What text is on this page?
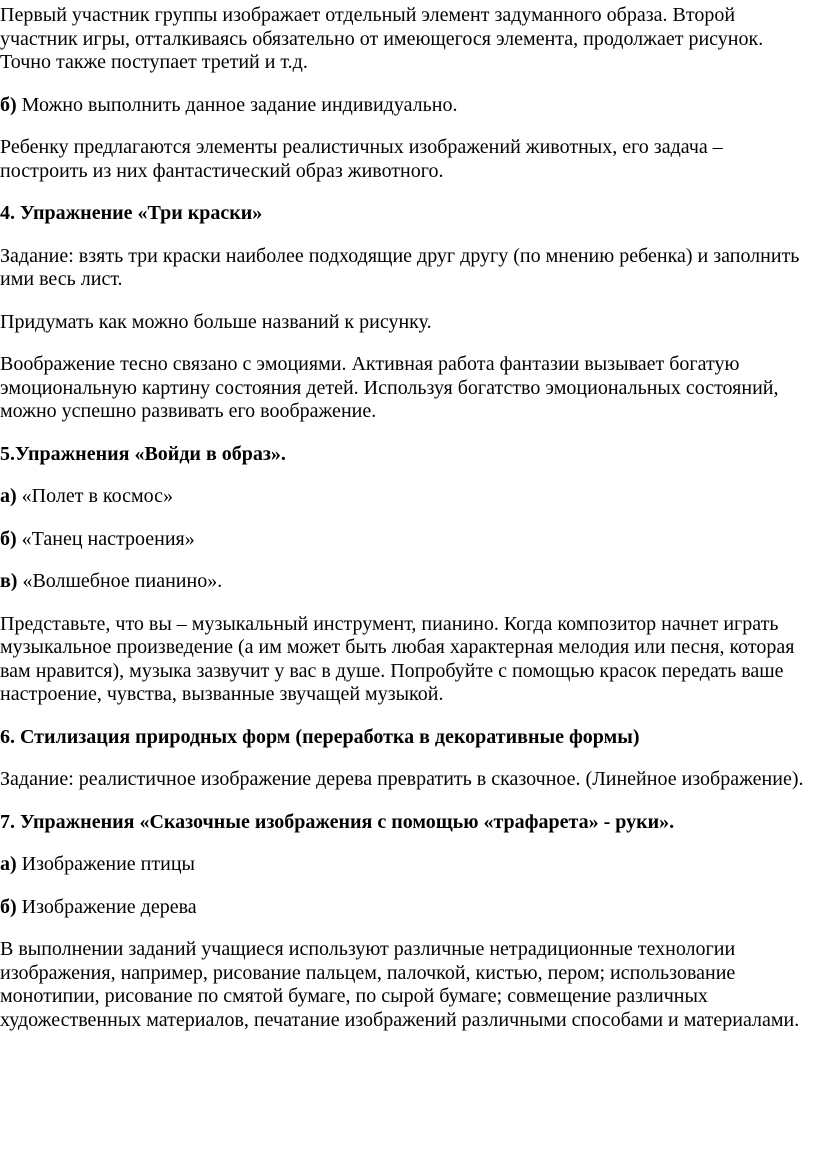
Первый участник группы изображает отдельный элемент задуманного образа. Второй участник игры, отталкиваясь обязательно от имеющегося элемента, продолжает рисунок. Точно также поступает третий и т.д.

б) Можно выполнить данное задание индивидуально.

Ребенку предлагаются элементы реалистичных изображений животных, его задача – построить из них фантастический образ животного.

4. Упражнение «Три краски»

Задание: взять три краски наиболее подходящие друг другу (по мнению ребенка) и заполнить ими весь лист.

Придумать как можно больше названий к рисунку.

Воображение тесно связано с эмоциями. Активная работа фантазии вызывает богатую эмоциональную картину состояния детей. Используя богатство эмоциональных состояний, можно успешно развивать его воображение.

5.Упражнения «Войди в образ».

а) «Полет в космос»

б) «Танец настроения»

в) «Волшебное пианино».

Представьте, что вы – музыкальный инструмент, пианино. Когда композитор начнет играть музыкальное произведение (а им может быть любая характерная мелодия или песня, которая вам нравится), музыка зазвучит у вас в душе. Попробуйте с помощью красок передать ваше настроение, чувства, вызванные звучащей музыкой.

6. Стилизация природных форм (переработка в декоративные формы)

Задание: реалистичное изображение дерева превратить в сказочное. (Линейное изображение).

7. Упражнения «Сказочные изображения с помощью «трафарета» - руки».

а) Изображение птицы

б) Изображение дерева

В выполнении заданий учащиеся используют различные нетрадиционные технологии изображения, например, рисование пальцем, палочкой, кистью, пером; использование монотипии, рисование по смятой бумаге, по сырой бумаге; совмещение различных художественных материалов, печатание изображений различными способами и материалами.
